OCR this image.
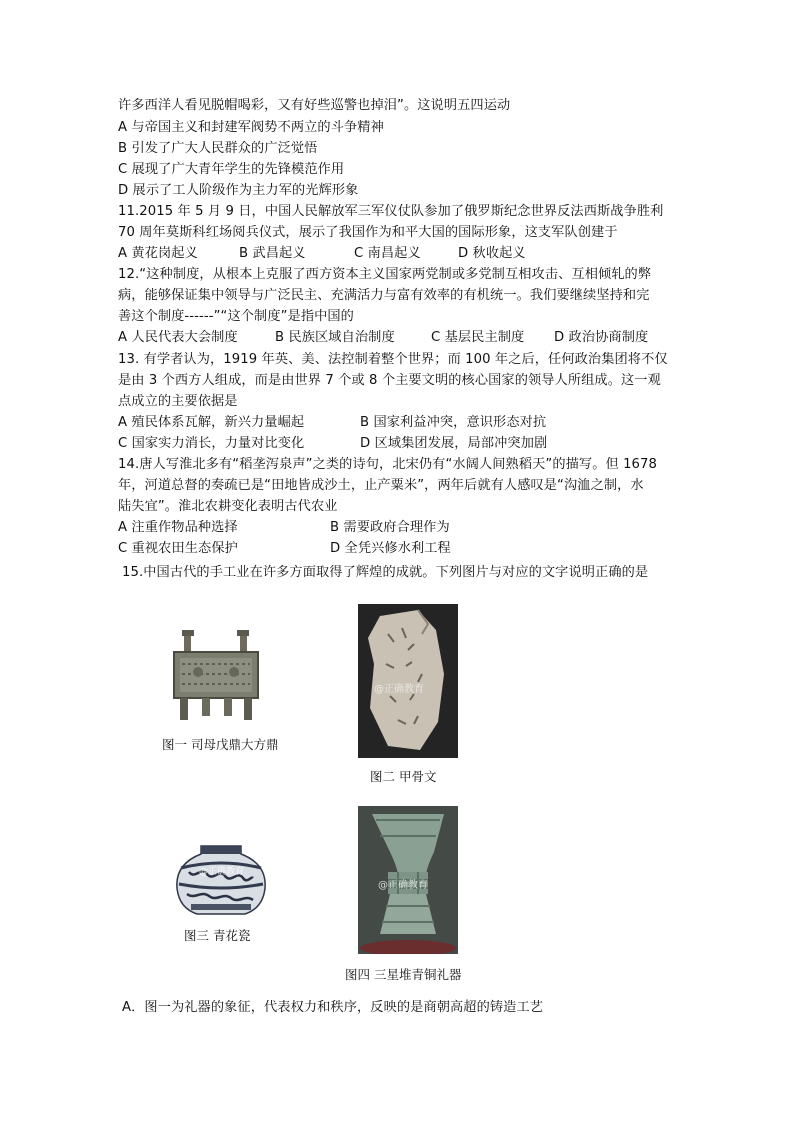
许多西洋人看见脱帽喝彩，又有好些巡警也掉泪”。这说明五四运动
A 与帝国主义和封建军阀势不两立的斗争精神
B 引发了广大人民群众的广泛觉悟
C 展现了广大青年学生的先锋模范作用
D 展示了工人阶级作为主力军的光辉形象
11.2015 年 5 月 9 日，中国人民解放军三军仪仗队参加了俄罗斯纪念世界反法西斯战争胜利
70 周年莫斯科红场阅兵仪式，展示了我国作为和平大国的国际形象，这支军队创建于
A 黄花岗起义	B 武昌起义	C 南昌起义	D 秋收起义
12.“这种制度，从根本上克服了西方资本主义国家两党制或多党制互相攻击、互相倾轧的弊
病，能够保证集中领导与广泛民主、充满活力与富有效率的有机统一。我们要继续坚持和完
善这个制度------”“这个制度”是指中国的
A 人民代表大会制度	B 民族区域自治制度	C 基层民主制度 D 政治协商制度
13. 有学者认为，1919 年英、美、法控制着整个世界；而 100 年之后，任何政治集团将不仅
是由 3 个西方人组成，而是由世界 7 个或 8 个主要文明的核心国家的领导人所组成。这一观
点成立的主要依据是
A 殖民体系瓦解，新兴力量崛起	B 国家利益冲突，意识形态对抗
C 国家实力消长，力量对比变化	D 区域集团发展，局部冲突加剧
14.唐人写淮北多有“稻垄泻泉声”之类的诗句，北宋仍有“水阔人间熟稻天”的描写。但 1678
年，河道总督的奏疏已是“田地皆成沙土，止产粟米”，两年后就有人感叹是“沟洫之制，水
陆失宜”。淮北农耕变化表明古代农业
A 注重作物品种选择	B 需要政府合理作为
C 重视农田生态保护	D 全凭兴修水利工程
15.中国古代的手工业在许多方面取得了辉煌的成就。下列图片与对应的文字说明正确的是
图一 司母戊鼎大方鼎
@正确教育
图二 甲骨文
@正确教育
图三 青花瓷
@正确教育
图四 三星堆青铜礼器
A．图一为礼器的象征，代表权力和秩序，反映的是商朝高超的铸造工艺
